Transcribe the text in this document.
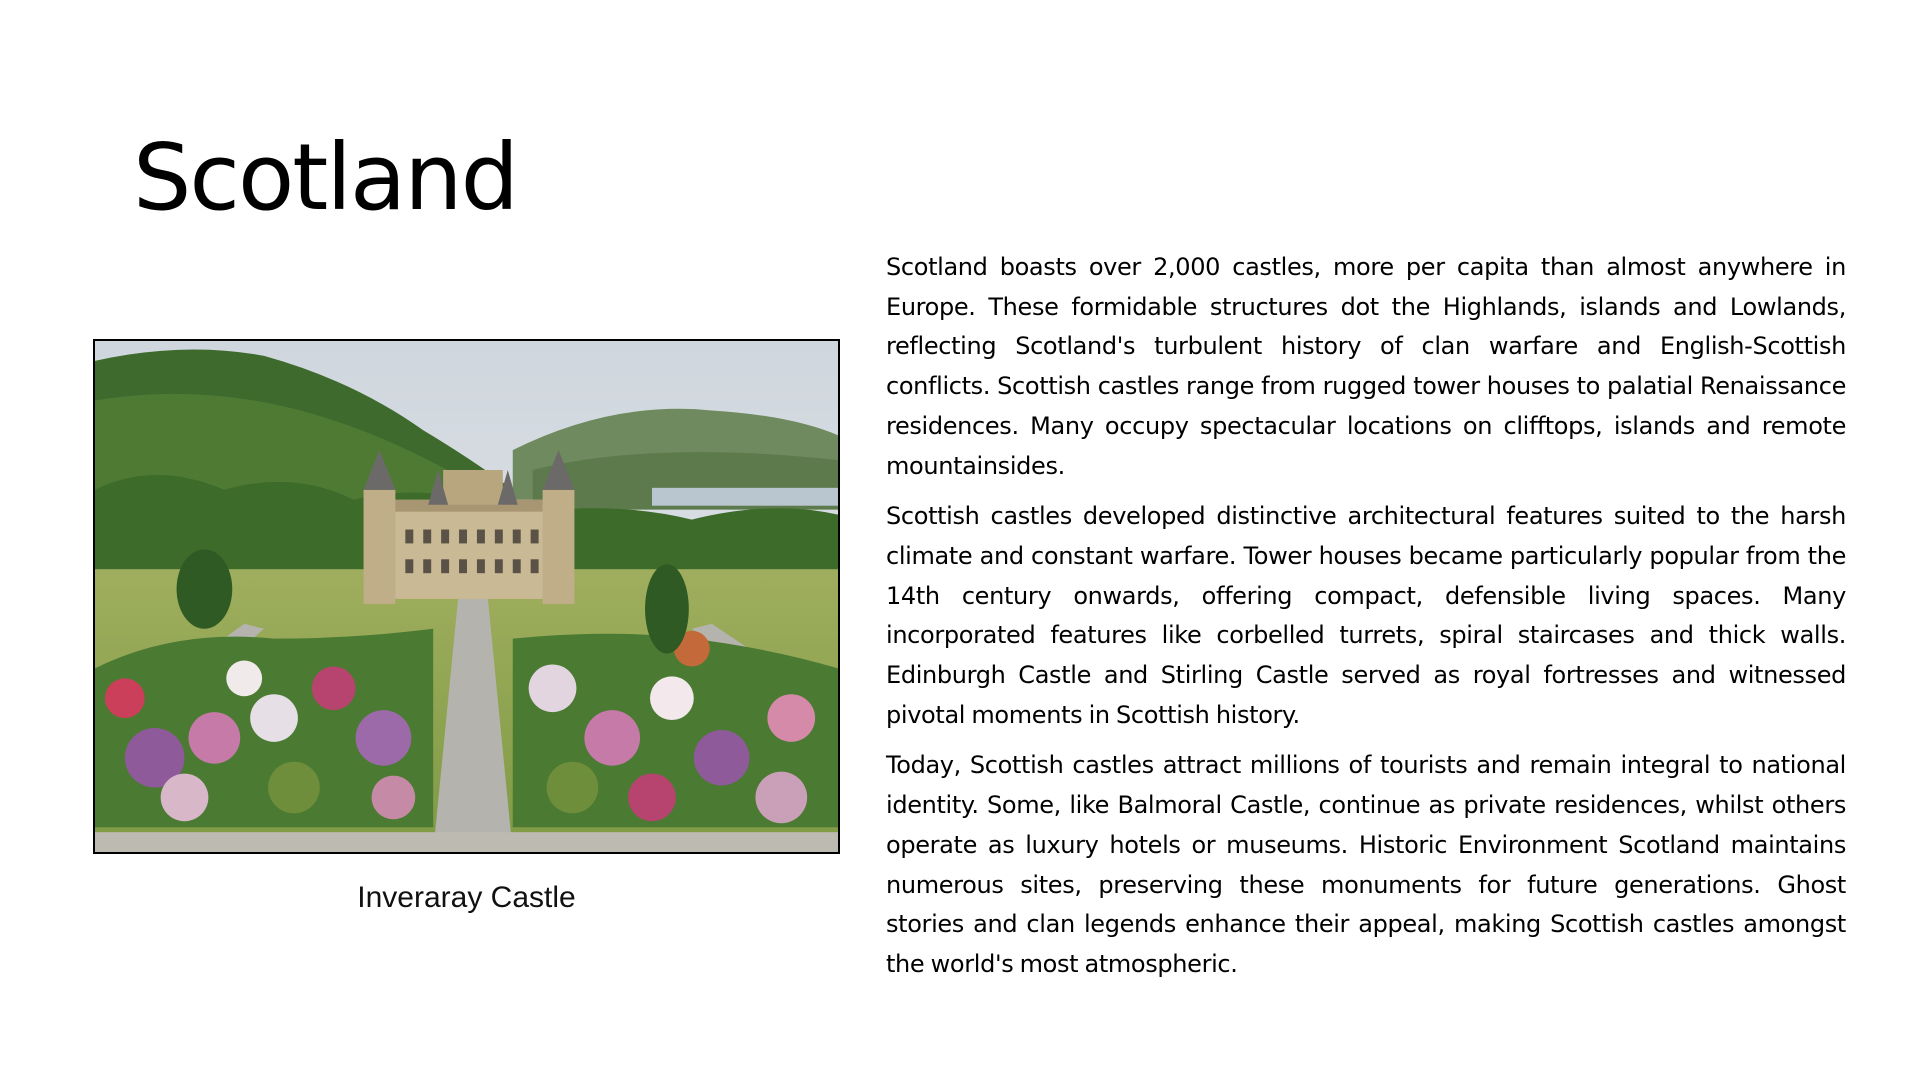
Scotland
Inveraray Castle

Scotland boasts over 2,000 castles, more per capita than almost anywhere in Europe. These formidable structures dot the Highlands, islands and Lowlands, reflecting Scotland's turbulent history of clan warfare and English-Scottish conflicts. Scottish castles range from rugged tower houses to palatial Renaissance residences. Many occupy spectacular locations on clifftops, islands and remote mountainsides.

Scottish castles developed distinctive architectural features suited to the harsh climate and constant warfare. Tower houses became particularly popular from the 14th century onwards, offering compact, defensible living spaces. Many incorporated features like corbelled turrets, spiral staircases and thick walls. Edinburgh Castle and Stirling Castle served as royal fortresses and witnessed pivotal moments in Scottish history.

Today, Scottish castles attract millions of tourists and remain integral to national identity. Some, like Balmoral Castle, continue as private residences, whilst others operate as luxury hotels or museums. Historic Environment Scotland maintains numerous sites, preserving these monuments for future generations. Ghost stories and clan legends enhance their appeal, making Scottish castles amongst the world's most atmospheric.
